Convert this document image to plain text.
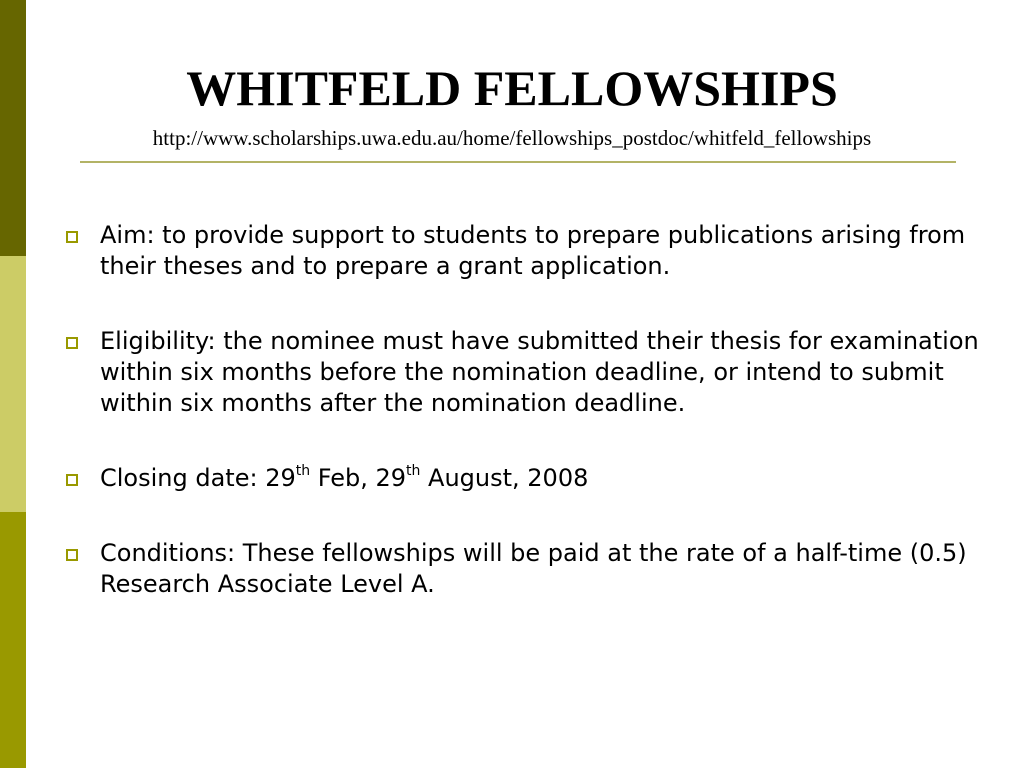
WHITFELD FELLOWSHIPS
http://www.scholarships.uwa.edu.au/home/fellowships_postdoc/whitfeld_fellowships
Aim: to provide support to students to prepare publications arising from their theses and to prepare a grant application.
Eligibility: the nominee must have submitted their thesis for examination within six months before the nomination deadline, or intend to submit within six months after the nomination deadline.
Closing date: 29th Feb, 29th August, 2008
Conditions: These fellowships will be paid at the rate of a half-time (0.5) Research Associate Level A.
